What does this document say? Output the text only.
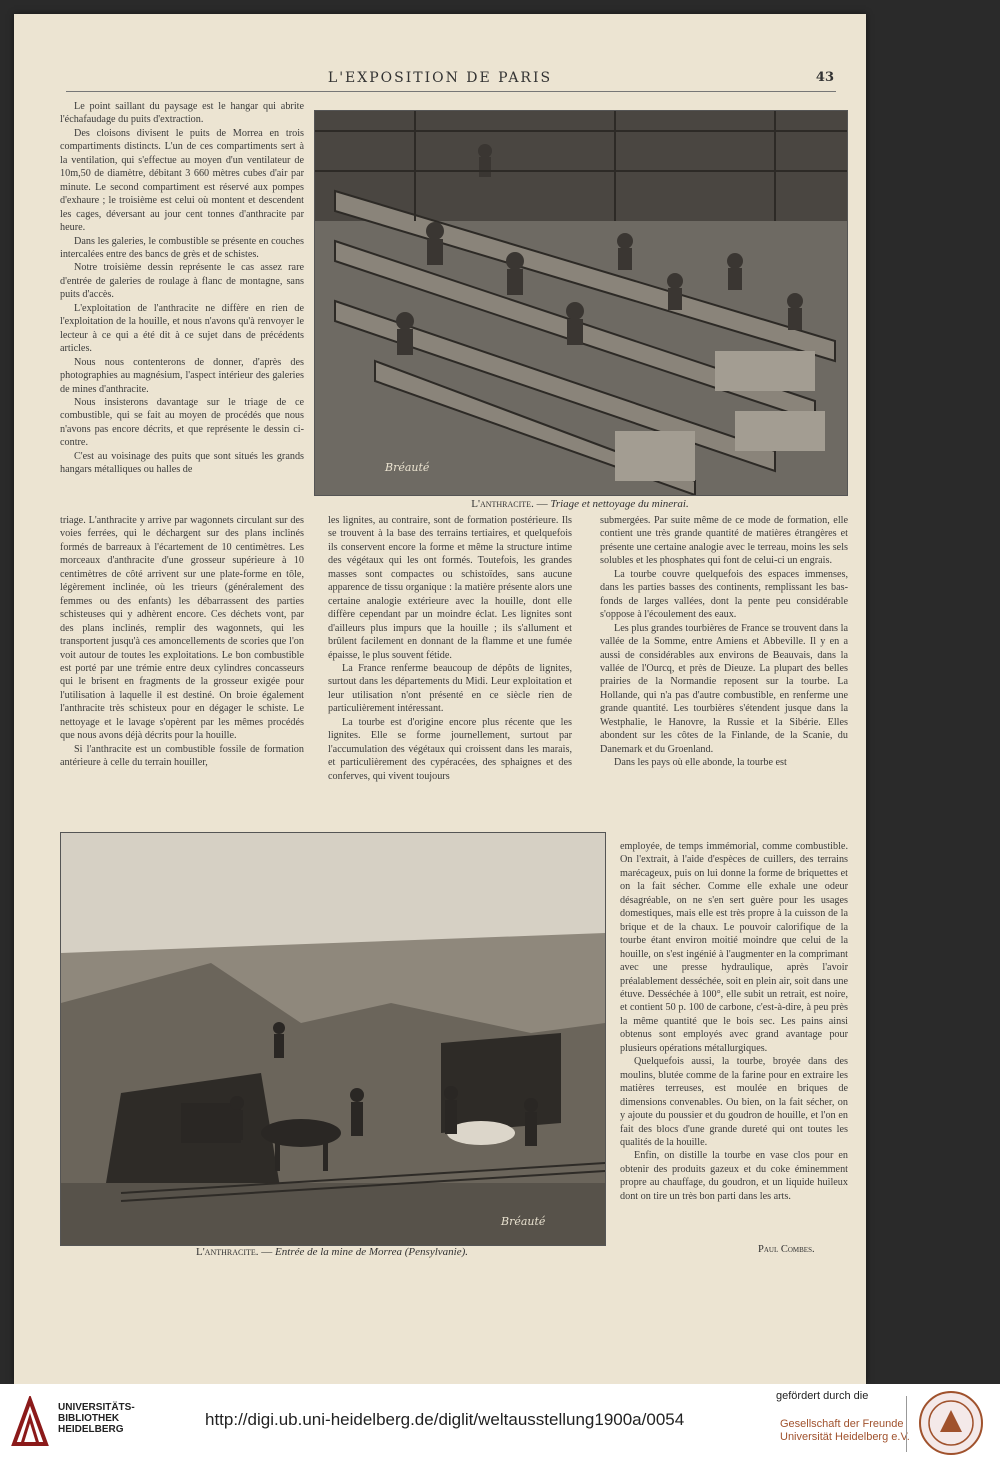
L'EXPOSITION DE PARIS	43

Le point saillant du paysage est le hangar qui abrite l'échafaudage du puits d'extraction.

Des cloisons divisent le puits de Morrea en trois compartiments distincts. L'un de ces compartiments sert à la ventilation, qui s'effectue au moyen d'un ventilateur de 10m,50 de diamètre, débitant 3 660 mètres cubes d'air par minute. Le second compartiment est réservé aux pompes d'exhaure ; le troisième est celui où montent et descendent les cages, déversant au jour cent tonnes d'anthracite par heure.

Dans les galeries, le combustible se présente en couches intercalées entre des bancs de grès et de schistes.

Notre troisième dessin représente le cas assez rare d'entrée de galeries de roulage à flanc de montagne, sans puits d'accès.

L'exploitation de l'anthracite ne diffère en rien de l'exploitation de la houille, et nous n'avons qu'à renvoyer le lecteur à ce qui a été dit à ce sujet dans de précédents articles.

Nous nous contenterons de donner, d'après des photographies au magnésium, l'aspect intérieur des galeries de mines d'anthracite.

Nous insisterons davantage sur le triage de ce combustible, qui se fait au moyen de procédés que nous n'avons pas encore décrits, et que représente le dessin ci-contre.

C'est au voisinage des puits que sont situés les grands hangars métalliques ou halles de	Bréauté
L'anthracite. — Triage et nettoyage du minerai.

triage. L'anthracite y arrive par wagonnets circulant sur des voies ferrées, qui le déchargent sur des plans inclinés formés de barreaux à l'écartement de 10 centimètres. Les morceaux d'anthracite d'une grosseur supérieure à 10 centimètres de côté arrivent sur une plate-forme en tôle, légèrement inclinée, où les trieurs (généralement des femmes ou des enfants) les débarrassent des parties schisteuses qui y adhèrent encore. Ces déchets vont, par des plans inclinés, remplir des wagonnets, qui les transportent jusqu'à ces amoncellements de scories que l'on voit autour de toutes les exploitations. Le bon combustible est porté par une trémie entre deux cylindres concasseurs qui le brisent en fragments de la grosseur exigée pour l'utilisation à laquelle il est destiné. On broie également l'anthracite très schisteux pour en dégager le schiste. Le nettoyage et le lavage s'opèrent par les mêmes procédés que nous avons déjà décrits pour la houille.

Si l'anthracite est un combustible fossile de formation antérieure à celle du terrain houiller,

les lignites, au contraire, sont de formation postérieure. Ils se trouvent à la base des terrains tertiaires, et quelquefois ils conservent encore la forme et même la structure intime des végétaux qui les ont formés. Toutefois, les grandes masses sont compactes ou schistoïdes, sans aucune apparence de tissu organique : la matière présente alors une certaine analogie extérieure avec la houille, dont elle diffère cependant par un moindre éclat. Les lignites sont d'ailleurs plus impurs que la houille ; ils s'allument et brûlent facilement en donnant de la flamme et une fumée épaisse, le plus souvent fétide.

La France renferme beaucoup de dépôts de lignites, surtout dans les départements du Midi. Leur exploitation et leur utilisation n'ont présenté en ce siècle rien de particulièrement intéressant.

La tourbe est d'origine encore plus récente que les lignites. Elle se forme journellement, surtout par l'accumulation des végétaux qui croissent dans les marais, et particulièrement des cypéracées, des sphaignes et des conferves, qui vivent toujours

submergées. Par suite même de ce mode de formation, elle contient une très grande quantité de matières étrangères et présente une certaine analogie avec le terreau, moins les sels solubles et les phosphates qui font de celui-ci un engrais.

La tourbe couvre quelquefois des espaces immenses, dans les parties basses des continents, remplissant les bas-fonds de larges vallées, dont la pente peu considérable s'oppose à l'écoulement des eaux.

Les plus grandes tourbières de France se trouvent dans la vallée de la Somme, entre Amiens et Abbeville. Il y en a aussi de considérables aux environs de Beauvais, dans la vallée de l'Ourcq, et près de Dieuze. La plupart des belles prairies de la Normandie reposent sur la tourbe. La Hollande, qui n'a pas d'autre combustible, en renferme une grande quantité. Les tourbières s'étendent jusque dans la Westphalie, le Hanovre, la Russie et la Sibérie. Elles abondent sur les côtes de la Finlande, de la Scanie, du Danemark et du Groenland.

Dans les pays où elle abonde, la tourbe est

Bréauté
L'anthracite. — Entrée de la mine de Morrea (Pensylvanie).

employée, de temps immémorial, comme combustible. On l'extrait, à l'aide d'espèces de cuillers, des terrains marécageux, puis on lui donne la forme de briquettes et on la fait sécher. Comme elle exhale une odeur désagréable, on ne s'en sert guère pour les usages domestiques, mais elle est très propre à la cuisson de la brique et de la chaux. Le pouvoir calorifique de la tourbe étant environ moitié moindre que celui de la houille, on s'est ingénié à l'augmenter en la comprimant avec une presse hydraulique, après l'avoir préalablement desséchée, soit en plein air, soit dans une étuve. Desséchée à 100°, elle subit un retrait, est noire, et contient 50 p. 100 de carbone, c'est-à-dire, à peu près la même quantité que le bois sec. Les pains ainsi obtenus sont employés avec grand avantage pour plusieurs opérations métallurgiques.

Quelquefois aussi, la tourbe, broyée dans des moulins, blutée comme de la farine pour en extraire les matières terreuses, est moulée en briques de dimensions convenables. Ou bien, on la fait sécher, on y ajoute du poussier et du goudron de houille, et l'on en fait des blocs d'une grande dureté qui ont toutes les qualités de la houille.

Enfin, on distille la tourbe en vase clos pour en obtenir des produits gazeux et du coke éminemment propre au chauffage, du goudron, et un liquide huileux dont on tire un très bon parti dans les arts.

Paul Combes.
UNIVERSITÄTS-
BIBLIOTHEK
HEIDELBERG
http://digi.ub.uni-heidelberg.de/diglit/weltausstellung1900a/0054
gefördert durch die
Gesellschaft der Freunde
Universität Heidelberg e.V.
